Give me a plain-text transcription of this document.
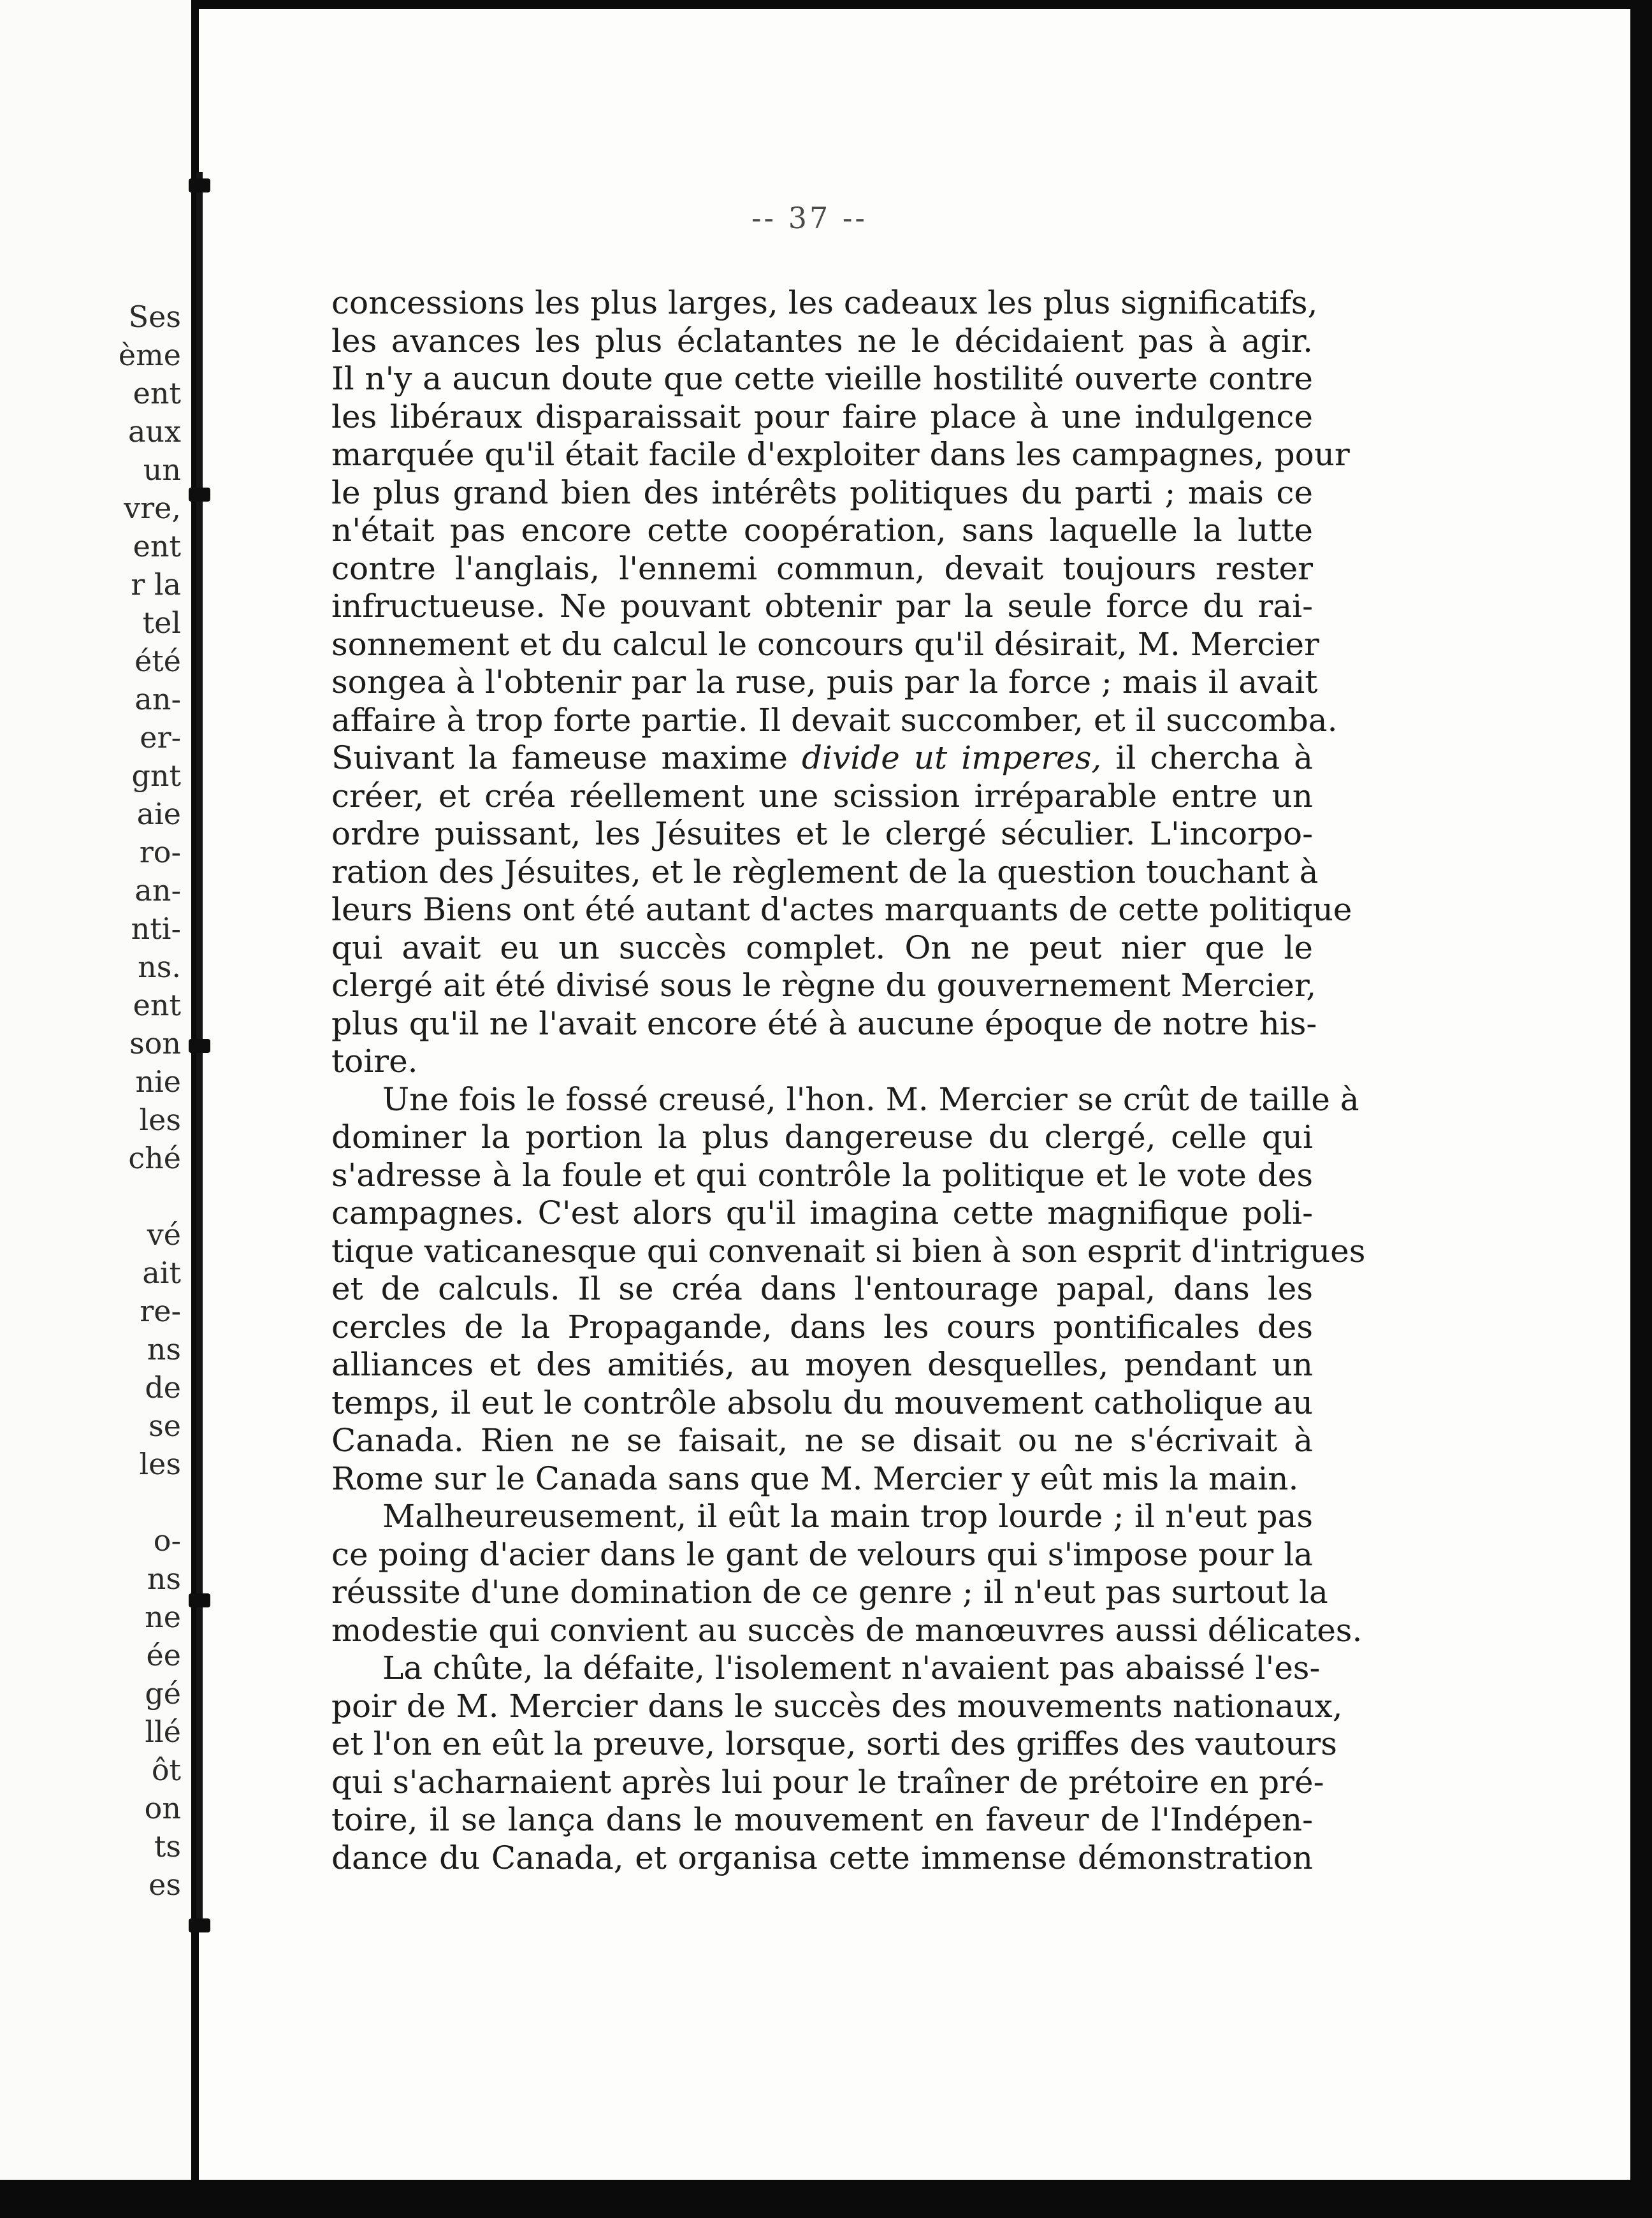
Ses
ème
ent
aux
un
vre,
ent
r la
tel
été
an-
er-
gnt
aie
ro-
an-
nti-
ns.
ent
son
nie
les
ché
vé
ait
re-
ns
de
se
les
o-
ns
ne
ée
gé
llé
ôt
on
ts
es
-- 37 --

concessions les plus larges, les cadeaux les plus significatifs,

les avances les plus éclatantes ne le décidaient pas à agir.

Il n'y a aucun doute que cette vieille hostilité ouverte contre

les libéraux disparaissait pour faire place à une indulgence

marquée qu'il était facile d'exploiter dans les campagnes, pour

le plus grand bien des intérêts politiques du parti ; mais ce

n'était pas encore cette coopération, sans laquelle la lutte

contre l'anglais, l'ennemi commun, devait toujours rester

infructueuse. Ne pouvant obtenir par la seule force du rai-

sonnement et du calcul le concours qu'il désirait, M. Mercier

songea à l'obtenir par la ruse, puis par la force ; mais il avait

affaire à trop forte partie. Il devait succomber, et il succomba.

Suivant la fameuse maxime divide ut imperes, il chercha à

créer, et créa réellement une scission irréparable entre un

ordre puissant, les Jésuites et le clergé séculier. L'incorpo-

ration des Jésuites, et le règlement de la question touchant à

leurs Biens ont été autant d'actes marquants de cette politique

qui avait eu un succès complet. On ne peut nier que le

clergé ait été divisé sous le règne du gouvernement Mercier,

plus qu'il ne l'avait encore été à aucune époque de notre his-

toire.

Une fois le fossé creusé, l'hon. M. Mercier se crût de taille à

dominer la portion la plus dangereuse du clergé, celle qui

s'adresse à la foule et qui contrôle la politique et le vote des

campagnes. C'est alors qu'il imagina cette magnifique poli-

tique vaticanesque qui convenait si bien à son esprit d'intrigues

et de calculs. Il se créa dans l'entourage papal, dans les

cercles de la Propagande, dans les cours pontificales des

alliances et des amitiés, au moyen desquelles, pendant un

temps, il eut le contrôle absolu du mouvement catholique au

Canada. Rien ne se faisait, ne se disait ou ne s'écrivait à

Rome sur le Canada sans que M. Mercier y eût mis la main.

Malheureusement, il eût la main trop lourde ; il n'eut pas

ce poing d'acier dans le gant de velours qui s'impose pour la

réussite d'une domination de ce genre ; il n'eut pas surtout la

modestie qui convient au succès de manœuvres aussi délicates.

La chûte, la défaite, l'isolement n'avaient pas abaissé l'es-

poir de M. Mercier dans le succès des mouvements nationaux,

et l'on en eût la preuve, lorsque, sorti des griffes des vautours

qui s'acharnaient après lui pour le traîner de prétoire en pré-

toire, il se lança dans le mouvement en faveur de l'Indépen-

dance du Canada, et organisa cette immense démonstration
